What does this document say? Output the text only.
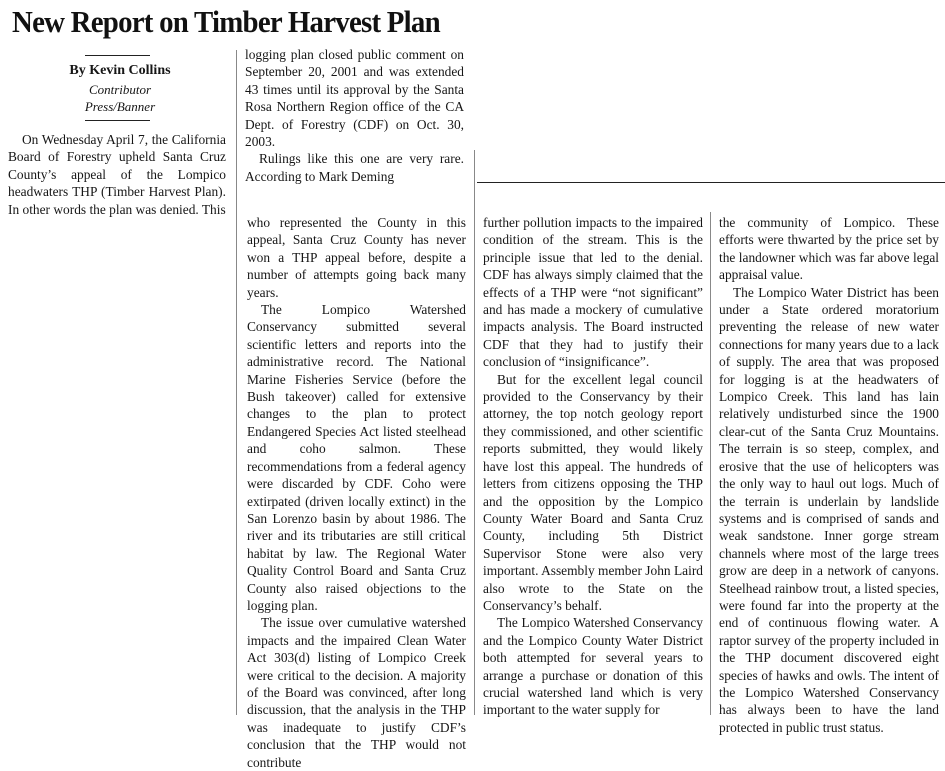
New Report on Timber Harvest Plan
By Kevin Collins
Contributor
Press/Banner

On Wednesday April 7, the California Board of Forestry upheld Santa Cruz County’s appeal of the Lompico headwaters THP (Timber Harvest Plan). In other words the plan was denied. This

logging plan closed public comment on September 20, 2001 and was extended 43 times until its approval by the Santa Rosa Northern Region office of the CA Dept. of Forestry (CDF) on Oct. 30, 2003.

Rulings like this one are very rare. According to Mark Deming

who represented the County in this appeal, Santa Cruz County has never won a THP appeal before, despite a number of attempts going back many years.

The Lompico Watershed Conservancy submitted several scientific letters and reports into the administrative record. The National Marine Fisheries Service (before the Bush takeover) called for extensive changes to the plan to protect Endangered Species Act listed steelhead and coho salmon. These recommendations from a federal agency were discarded by CDF. Coho were extirpated (driven locally extinct) in the San Lorenzo basin by about 1986. The river and its tributaries are still critical habitat by law. The Regional Water Quality Control Board and Santa Cruz County also raised objections to the logging plan.

The issue over cumulative watershed impacts and the impaired Clean Water Act 303(d) listing of Lompico Creek were critical to the decision. A majority of the Board was convinced, after long discussion, that the analysis in the THP was inadequate to justify CDF’s conclusion that the THP would not contribute

further pollution impacts to the impaired condition of the stream. This is the principle issue that led to the denial. CDF has always simply claimed that the effects of a THP were “not significant” and has made a mockery of cumulative impacts analysis. The Board instructed CDF that they had to justify their conclusion of “insignificance”.

But for the excellent legal council provided to the Conservancy by their attorney, the top notch geology report they commissioned, and other scientific reports submitted, they would likely have lost this appeal. The hundreds of letters from citizens opposing the THP and the opposition by the Lompico County Water Board and Santa Cruz County, including 5th District Supervisor Stone were also very important. Assembly member John Laird also wrote to the State on the Conservancy’s behalf.

The Lompico Watershed Conservancy and the Lompico County Water District both attempted for several years to arrange a purchase or donation of this crucial watershed land which is very important to the water supply for

the community of Lompico. These efforts were thwarted by the price set by the landowner which was far above legal appraisal value.

The Lompico Water District has been under a State ordered moratorium preventing the release of new water connections for many years due to a lack of supply. The area that was proposed for logging is at the headwaters of Lompico Creek. This land has lain relatively undisturbed since the 1900 clear-cut of the Santa Cruz Mountains. The terrain is so steep, complex, and erosive that the use of helicopters was the only way to haul out logs. Much of the terrain is underlain by landslide systems and is comprised of sands and weak sandstone. Inner gorge stream channels where most of the large trees grow are deep in a network of canyons. Steelhead rainbow trout, a listed species, were found far into the property at the end of continuous flowing water. A raptor survey of the property included in the THP document discovered eight species of hawks and owls. The intent of the Lompico Watershed Conservancy has always been to have the land protected in public trust status.
